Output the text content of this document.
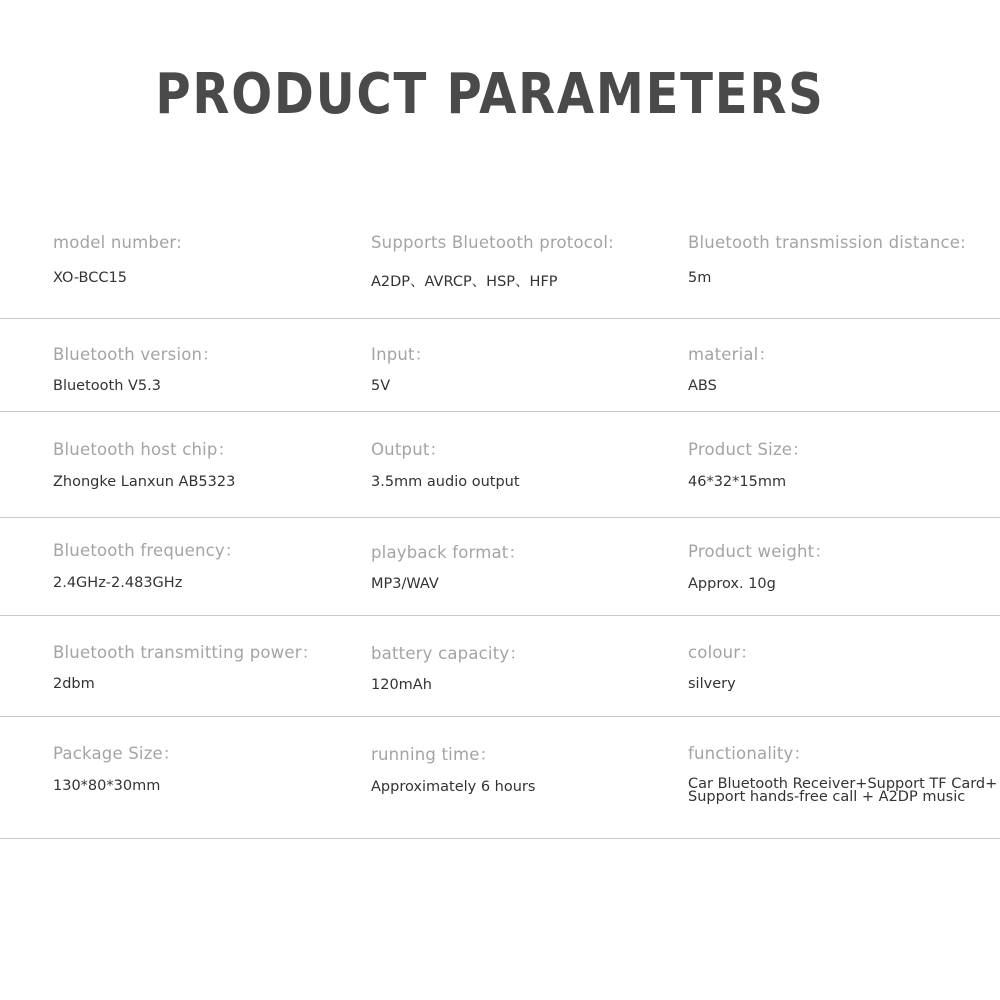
PRODUCT PARAMETERS
model number:
XO-BCC15
Supports Bluetooth protocol:
A2DP、AVRCP、HSP、HFP
Bluetooth transmission distance:
5m
Bluetooth version：
Bluetooth V5.3
Input：
5V
material：
ABS
Bluetooth host chip：
Zhongke Lanxun AB5323
Output：
3.5mm audio output
Product Size：
46*32*15mm
Bluetooth frequency：
2.4GHz-2.483GHz
playback format：
MP3/WAV
Product weight：
Approx. 10g
Bluetooth transmitting power：
2dbm
battery capacity：
120mAh
colour：
silvery
Package Size：
130*80*30mm
running time：
Approximately 6 hours
functionality：
Car Bluetooth Receiver+Support TF Card+ Support hands-free call + A2DP music
